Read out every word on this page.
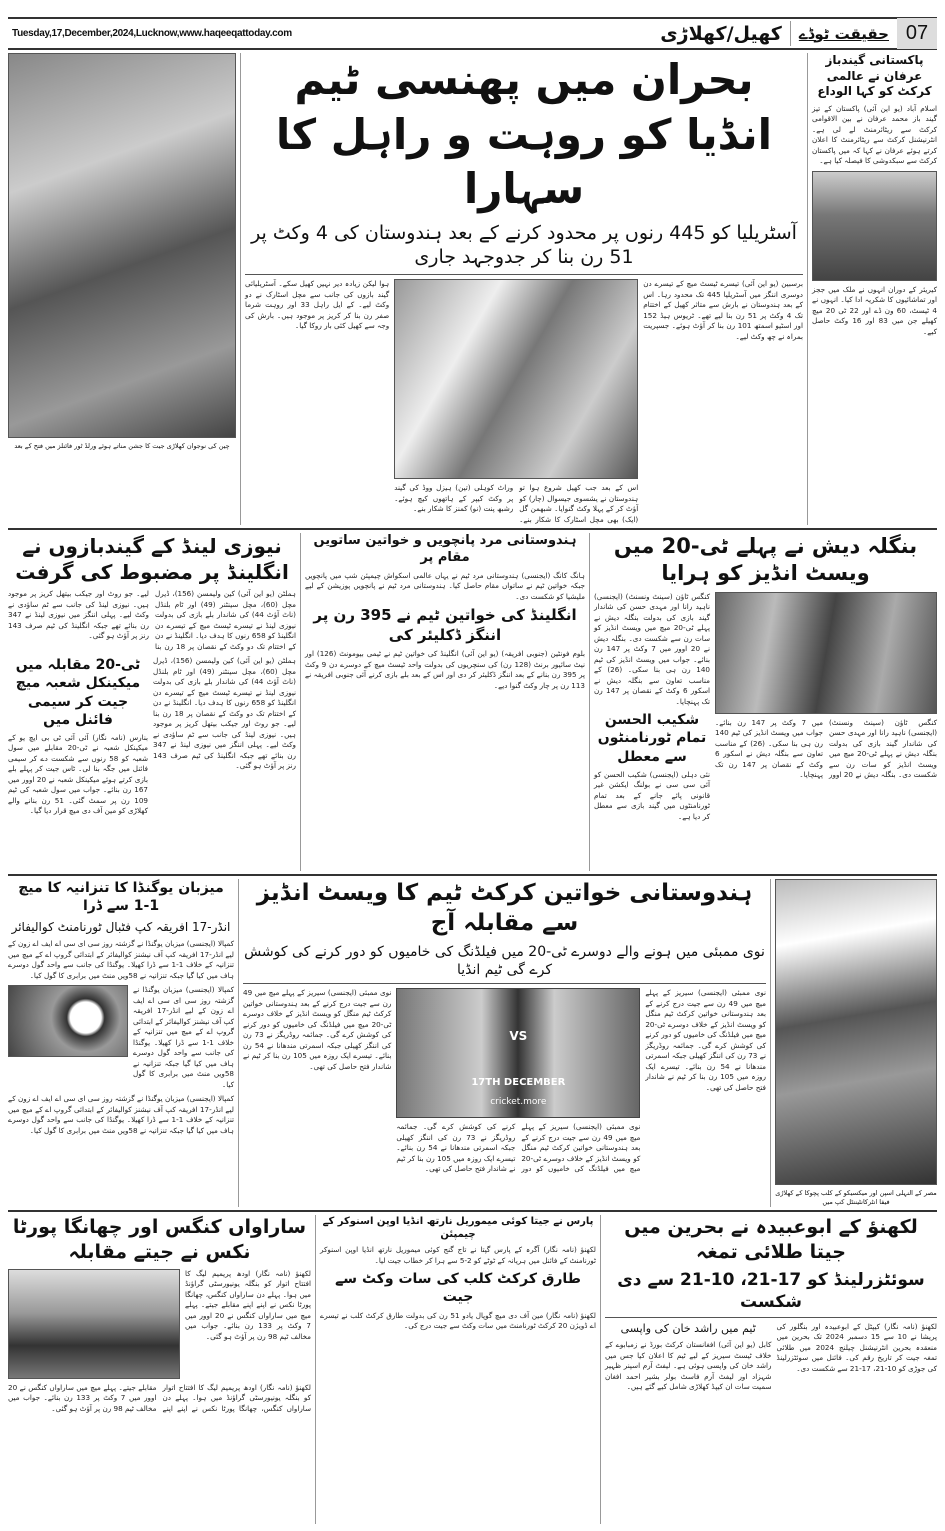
Tuesday,17,December,2024,Lucknow,www.haqeeqattoday.com	کھیل/کھلاڑی حقیقت ٹوڈے 07
چین کی نوجوان کھلاڑی جیت کا جشن مناتے ہوئے ورلڈ ٹور فائنلز میں فتح کے بعد
بحران میں پھنسی ٹیم انڈیا کو روہت و راہل کا سہارا
آسٹریلیا کو 445 رنوں پر محدود کرنے کے بعد ہندوستان کی 4 وکٹ پر 51 رن بنا کر جدوجہد جاری
ہوا لیکن زیادہ دیر نہیں کھیل سکے۔ آسٹریلیائی گیند بازوں کی جانب سے مچل اسٹارک نے دو وکٹ لیے۔ کے ایل راہل 33 اور روہت شرما صفر رن بنا کر کریز پر موجود ہیں۔ بارش کی وجہ سے کھیل کئی بار روکا گیا۔
اس کے بعد جب کھیل شروع ہوا تو ہندوستان نے یشسوی جیسوال (چار) کو آؤٹ کر کے پہلا وکٹ گنوایا۔ شبھمن گل (ایک) بھی مچل اسٹارک کا شکار بنے۔ وراٹ کوہلی (تین) ہیزل ووڈ کی گیند پر وکٹ کیپر کے ہاتھوں کیچ ہوئے۔ رشبھ پنت (نو) کمنز کا شکار بنے۔
برسبین (یو این آئی) تیسرے ٹیسٹ میچ کے تیسرے دن دوسری اننگز میں آسٹریلیا 445 تک محدود رہا۔ اس کے بعد ہندوستان نے بارش سے متاثر کھیل کے اختتام تک 4 وکٹ پر 51 رن بنا لیے تھے۔ ٹریوس ہیڈ 152 اور اسٹیو اسمتھ 101 رن بنا کر آؤٹ ہوئے۔ جسپریت بمراہ نے چھ وکٹ لیے۔
پاکستانی گیندباز عرفان نے عالمی کرکٹ کو کہا الوداع
اسلام آباد (یو این آئی) پاکستان کے تیز گیند باز محمد عرفان نے بین الاقوامی کرکٹ سے ریٹائرمنٹ لے لی ہے۔ انٹرنیشنل کرکٹ سے ریٹائرمنٹ کا اعلان کرتے ہوئے عرفان نے کہا کہ میں پاکستان کرکٹ سے سبکدوشی کا فیصلہ کیا ہے۔
کیریئر کے دوران انہوں نے ملک میں ججز اور تماشائیوں کا شکریہ ادا کیا۔ انہوں نے 4 ٹیسٹ، 60 ون ڈے اور 22 ٹی 20 میچ کھیلے جن میں 83 اور 16 وکٹ حاصل کیے۔
نیوزی لینڈ کے گیندبازوں نے انگلینڈ پر مضبوط کی گرفت
ہملٹن (یو این آئی) کین ولیمسن (156)، ڈیرل مچل (60)، مچل سینٹنر (49) اور ٹام بلنڈل (ناٹ آؤٹ 44) کی شاندار بلے بازی کی بدولت نیوزی لینڈ نے تیسرے ٹیسٹ میچ کے تیسرے دن انگلینڈ کو 658 رنوں کا ہدف دیا۔ انگلینڈ نے دن کے اختتام تک دو وکٹ کے نقصان پر 18 رن بنا لیے۔ جو روٹ اور جیکب بیتھل کریز پر موجود ہیں۔ نیوزی لینڈ کی جانب سے ٹم ساؤدی نے وکٹ لیے۔ پہلی اننگز میں نیوزی لینڈ نے 347 رن بنائے تھے جبکہ انگلینڈ کی ٹیم صرف 143 رنز پر آؤٹ ہو گئی۔
ٹی-20 مقابلہ میں میکینکل شعبہ میچ جیت کر سیمی فائنل میں
بنارس (نامہ نگار) آئی آئی ٹی بی ایچ یو کے میکینکل شعبہ نے ٹی-20 مقابلے میں سول شعبہ کو 58 رنوں سے شکست دے کر سیمی فائنل میں جگہ بنا لی۔ ٹاس جیت کر پہلے بلے بازی کرتے ہوئے میکینکل شعبہ نے 20 اوور میں 167 رن بنائے۔ جواب میں سول شعبہ کی ٹیم 109 رن پر سمٹ گئی۔ 51 رن بنانے والے کھلاڑی کو مین آف دی میچ قرار دیا گیا۔
ہملٹن (یو این آئی) کین ولیمسن (156)، ڈیرل مچل (60)، مچل سینٹنر (49) اور ٹام بلنڈل (ناٹ آؤٹ 44) کی شاندار بلے بازی کی بدولت نیوزی لینڈ نے تیسرے ٹیسٹ میچ کے تیسرے دن انگلینڈ کو 658 رنوں کا ہدف دیا۔ انگلینڈ نے دن کے اختتام تک دو وکٹ کے نقصان پر 18 رن بنا لیے۔ جو روٹ اور جیکب بیتھل کریز پر موجود ہیں۔ نیوزی لینڈ کی جانب سے ٹم ساؤدی نے وکٹ لیے۔ پہلی اننگز میں نیوزی لینڈ نے 347 رن بنائے تھے جبکہ انگلینڈ کی ٹیم صرف 143 رنز پر آؤٹ ہو گئی۔
ہندوستانی مرد پانچویں و خواتین ساتویں مقام پر
ہانگ کانگ (ایجنسی) ہندوستانی مرد ٹیم نے یہاں عالمی اسکواش چیمپئن شپ میں پانچویں جبکہ خواتین ٹیم نے ساتواں مقام حاصل کیا۔ ہندوستانی مرد ٹیم نے پانچویں پوزیشن کے لیے ملیشیا کو شکست دی۔
انگلینڈ کی خواتین ٹیم نے 395 رن پر اننگز ڈکلیئر کی
بلوم فونٹین (جنوبی افریقہ) (یو این آئی) انگلینڈ کی خواتین ٹیم نے ٹیمی بیومونٹ (126) اور نیٹ سائیور برنٹ (128 رن) کی سنچریوں کی بدولت واحد ٹیسٹ میچ کے دوسرے دن 9 وکٹ پر 395 رن بنانے کے بعد اننگز ڈکلیئر کر دی اور اس کے بعد بلے بازی کرنے آئی جنوبی افریقہ نے 113 رن پر چار وکٹ گنوا دیے۔
بنگلہ دیش نے پہلے ٹی-20 میں ویسٹ انڈیز کو ہرایا
کنگس ٹاؤن (سینٹ ونسنٹ) (ایجنسی) ناہید رانا اور مہدی حسن کی شاندار گیند بازی کی بدولت بنگلہ دیش نے پہلے ٹی-20 میچ میں ویسٹ انڈیز کو سات رن سے شکست دی۔ بنگلہ دیش نے 20 اوور میں 7 وکٹ پر 147 رن بنائے۔ جواب میں ویسٹ انڈیز کی ٹیم 140 رن ہی بنا سکی۔ (26) کے مناسب تعاون سے بنگلہ دیش نے اسکور 6 وکٹ کے نقصان پر 147 رن تک پہنچایا۔
شکیب الحسن تمام ٹورنامنٹوں سے معطل
نئی دہلی (ایجنسی) شکیب الحسن کو آئی سی سی نے بولنگ ایکشن غیر قانونی پائے جانے کے بعد تمام ٹورنامنٹوں میں گیند بازی سے معطل کر دیا ہے۔
کنگس ٹاؤن (سینٹ ونسنٹ) (ایجنسی) ناہید رانا اور مہدی حسن کی شاندار گیند بازی کی بدولت بنگلہ دیش نے پہلے ٹی-20 میچ میں ویسٹ انڈیز کو سات رن سے شکست دی۔ بنگلہ دیش نے 20 اوور میں 7 وکٹ پر 147 رن بنائے۔ جواب میں ویسٹ انڈیز کی ٹیم 140 رن ہی بنا سکی۔ (26) کے مناسب تعاون سے بنگلہ دیش نے اسکور 6 وکٹ کے نقصان پر 147 رن تک پہنچایا۔
میزبان یوگنڈا کا تنزانیہ کا میچ 1-1 سے ڈرا
انڈر-17 افریقہ کپ فٹبال ٹورنامنٹ کوالیفائر
کمپالا (ایجنسی) میزبان یوگنڈا نے گزشتہ روز سی ای سی اے ایف اے زون کے لیے انڈر-17 افریقہ کپ آف نیشنز کوالیفائر کے ابتدائی گروپ اے کے میچ میں تنزانیہ کے خلاف 1-1 سے ڈرا کھیلا۔ یوگنڈا کی جانب سے واحد گول دوسرے ہاف میں کیا گیا جبکہ تنزانیہ نے 58ویں منٹ میں برابری کا گول کیا۔
کمپالا (ایجنسی) میزبان یوگنڈا نے گزشتہ روز سی ای سی اے ایف اے زون کے لیے انڈر-17 افریقہ کپ آف نیشنز کوالیفائر کے ابتدائی گروپ اے کے میچ میں تنزانیہ کے خلاف 1-1 سے ڈرا کھیلا۔ یوگنڈا کی جانب سے واحد گول دوسرے ہاف میں کیا گیا جبکہ تنزانیہ نے 58ویں منٹ میں برابری کا گول کیا۔
کمپالا (ایجنسی) میزبان یوگنڈا نے گزشتہ روز سی ای سی اے ایف اے زون کے لیے انڈر-17 افریقہ کپ آف نیشنز کوالیفائر کے ابتدائی گروپ اے کے میچ میں تنزانیہ کے خلاف 1-1 سے ڈرا کھیلا۔ یوگنڈا کی جانب سے واحد گول دوسرے ہاف میں کیا گیا جبکہ تنزانیہ نے 58ویں منٹ میں برابری کا گول کیا۔
ہندوستانی خواتین کرکٹ ٹیم کا ویسٹ انڈیز سے مقابلہ آج
نوی ممبئی میں ہونے والے دوسرے ٹی-20 میں فیلڈنگ کی خامیوں کو دور کرنے کی کوشش کرے گی ٹیم انڈیا
نوی ممبئی (ایجنسی) سیریز کے پہلے میچ میں 49 رن سے جیت درج کرنے کے بعد ہندوستانی خواتین کرکٹ ٹیم منگل کو ویسٹ انڈیز کے خلاف دوسرے ٹی-20 میچ میں فیلڈنگ کی خامیوں کو دور کرنے کی کوشش کرے گی۔ جمائمہ روڈریگز نے 73 رن کی اننگز کھیلی جبکہ اسمرتی مندھانا نے 54 رن بنائے۔ تیسرے ایک روزہ میں 105 رن بنا کر ٹیم نے شاندار فتح حاصل کی تھی۔
VS
17TH DECEMBER
cricket.more
نوی ممبئی (ایجنسی) سیریز کے پہلے میچ میں 49 رن سے جیت درج کرنے کے بعد ہندوستانی خواتین کرکٹ ٹیم منگل کو ویسٹ انڈیز کے خلاف دوسرے ٹی-20 میچ میں فیلڈنگ کی خامیوں کو دور کرنے کی کوشش کرے گی۔ جمائمہ روڈریگز نے 73 رن کی اننگز کھیلی جبکہ اسمرتی مندھانا نے 54 رن بنائے۔ تیسرے ایک روزہ میں 105 رن بنا کر ٹیم نے شاندار فتح حاصل کی تھی۔
نوی ممبئی (ایجنسی) سیریز کے پہلے میچ میں 49 رن سے جیت درج کرنے کے بعد ہندوستانی خواتین کرکٹ ٹیم منگل کو ویسٹ انڈیز کے خلاف دوسرے ٹی-20 میچ میں فیلڈنگ کی خامیوں کو دور کرنے کی کوشش کرے گی۔ جمائمہ روڈریگز نے 73 رن کی اننگز کھیلی جبکہ اسمرتی مندھانا نے 54 رن بنائے۔ تیسرے ایک روزہ میں 105 رن بنا کر ٹیم نے شاندار فتح حاصل کی تھی۔
مصر کے النہلی اسپن اور میکسیکو کے کلب پچوکا کے کھلاڑی فیفا انٹرکانٹیننٹل کپ میں
ساراواں کنگس اور چھانگا پورٹا نکس نے جیتے مقابلہ
لکھنؤ (نامہ نگار) اودھ پریمیم لیگ کا افتتاح اتوار کو بنگلہ یونیورسٹی گراؤنڈ میں ہوا۔ پہلے دن ساراواں کنگس، چھانگا پورٹا نکس نے اپنے اپنے مقابلے جیتے۔ پہلے میچ میں ساراواں کنگس نے 20 اوور میں 7 وکٹ پر 133 رن بنائے۔ جواب میں مخالف ٹیم 98 رن پر آؤٹ ہو گئی۔
لکھنؤ (نامہ نگار) اودھ پریمیم لیگ کا افتتاح اتوار کو بنگلہ یونیورسٹی گراؤنڈ میں ہوا۔ پہلے دن ساراواں کنگس، چھانگا پورٹا نکس نے اپنے اپنے مقابلے جیتے۔ پہلے میچ میں ساراواں کنگس نے 20 اوور میں 7 وکٹ پر 133 رن بنائے۔ جواب میں مخالف ٹیم 98 رن پر آؤٹ ہو گئی۔
پارس نے جیتا کوئی میموریل نارتھ انڈیا اوپن اسنوکر کے چیمپئن
لکھنؤ (نامہ نگار) آگرہ کے پارس گپتا نے تاج گنج کوئی میموریل نارتھ انڈیا اوپن اسنوکر ٹورنامنٹ کے فائنل میں ہریانہ کے ٹوٹے کو 2-5 سے ہرا کر خطاب جیت لیا۔
طارق کرکٹ کلب کی سات وکٹ سے جیت
لکھنؤ (نامہ نگار) مین آف دی میچ گوپال یادو 51 رن کی بدولت طارق کرکٹ کلب نے تیسرے اے ڈویژن 20 کرکٹ ٹورنامنٹ میں سات وکٹ سے جیت درج کی۔
لکھنؤ کے ابوعبیدہ نے بحرین میں جیتا طلائی تمغہ
سوئٹزرلینڈ کو 17-21، 10-21 سے دی شکست
ٹیم میں راشد خان کی واپسی
کابل (یو این آئی) افغانستان کرکٹ بورڈ نے زمبابوے کے خلاف ٹیسٹ سیریز کے لیے ٹیم کا اعلان کیا جس میں راشد خان کی واپسی ہوئی ہے۔ لیفٹ آرم اسپنر ظہیر شہزاد اور لیفٹ آرم فاسٹ بولر بشیر احمد افغان سمیت سات ان کیپڈ کھلاڑی شامل کیے گئے ہیں۔
لکھنؤ (نامہ نگار) کیپٹل کے ابوعبیدہ اور بنگلور کی پریشا نے 10 سے 15 دسمبر 2024 تک بحرین میں منعقدہ بحرین انٹرنیشنل چیلنج 2024 میں طلائی تمغہ جیت کر تاریخ رقم کی۔ فائنل میں سوئٹزرلینڈ کی جوڑی کو 10-21، 17-21 سے شکست دی۔
